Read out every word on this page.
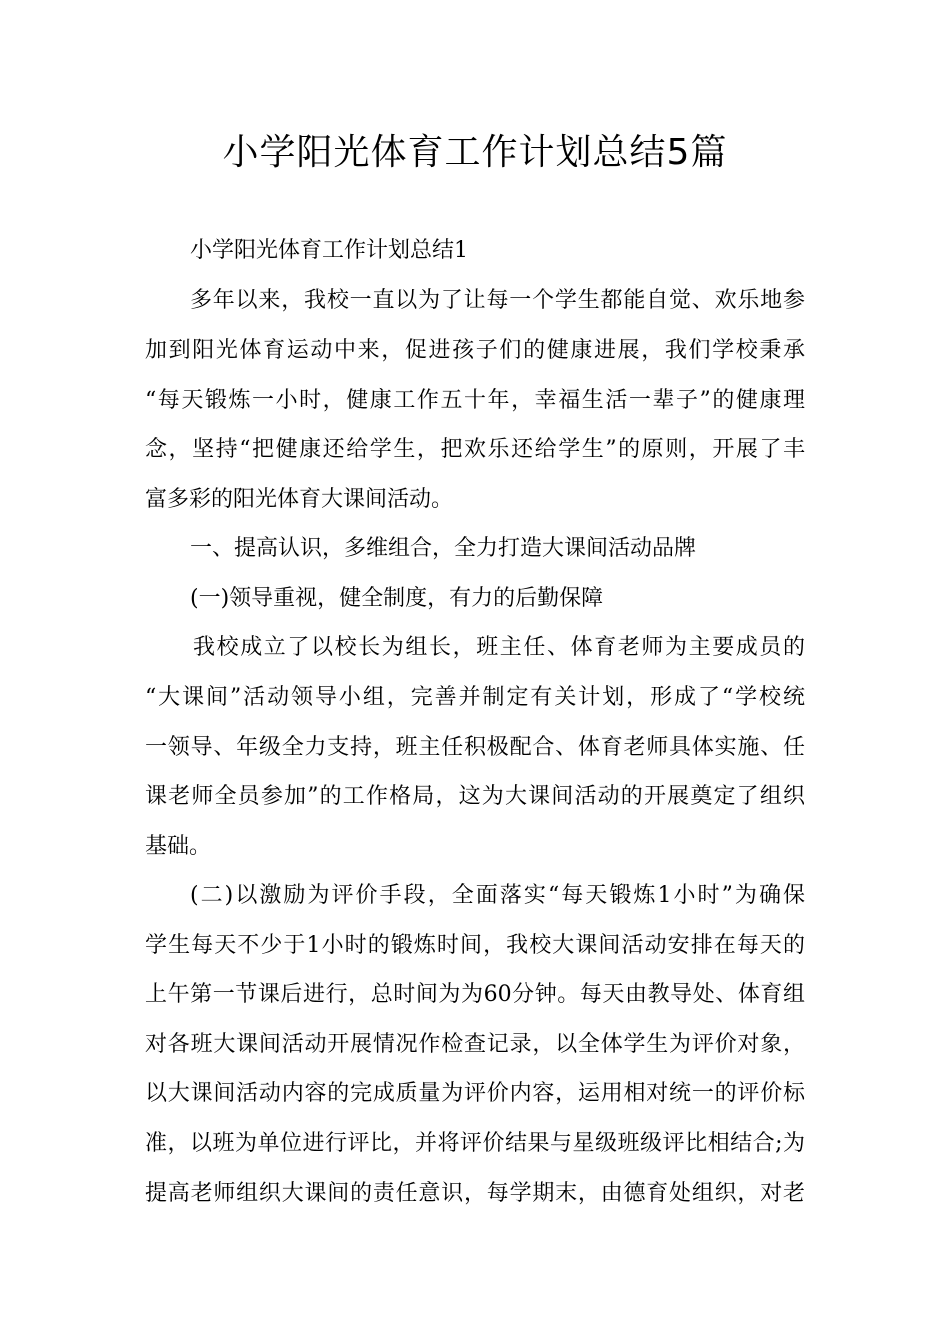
小学阳光体育工作计划总结5篇

小学阳光体育工作计划总结1

多年以来，我校一直以为了让每一个学生都能自觉、欢乐地参

加到阳光体育运动中来，促进孩子们的健康进展，我们学校秉承

“每天锻炼一小时，健康工作五十年，幸福生活一辈子”的健康理

念，坚持“把健康还给学生，把欢乐还给学生”的原则，开展了丰

富多彩的阳光体育大课间活动。

一、提高认识，多维组合，全力打造大课间活动品牌

(一)领导重视，健全制度，有力的后勤保障

我校成立了以校长为组长，班主任、体育老师为主要成员的

“大课间”活动领导小组，完善并制定有关计划，形成了“学校统

一领导、年级全力支持，班主任积极配合、体育老师具体实施、任

课老师全员参加”的工作格局，这为大课间活动的开展奠定了组织

基础。

(二)以激励为评价手段，全面落实“每天锻炼1小时”为确保

学生每天不少于1小时的锻炼时间，我校大课间活动安排在每天的

上午第一节课后进行，总时间为为60分钟。每天由教导处、体育组

对各班大课间活动开展情况作检查记录，以全体学生为评价对象，

以大课间活动内容的完成质量为评价内容，运用相对统一的评价标

准，以班为单位进行评比，并将评价结果与星级班级评比相结合;为

提高老师组织大课间的责任意识，每学期末，由德育处组织，对老
